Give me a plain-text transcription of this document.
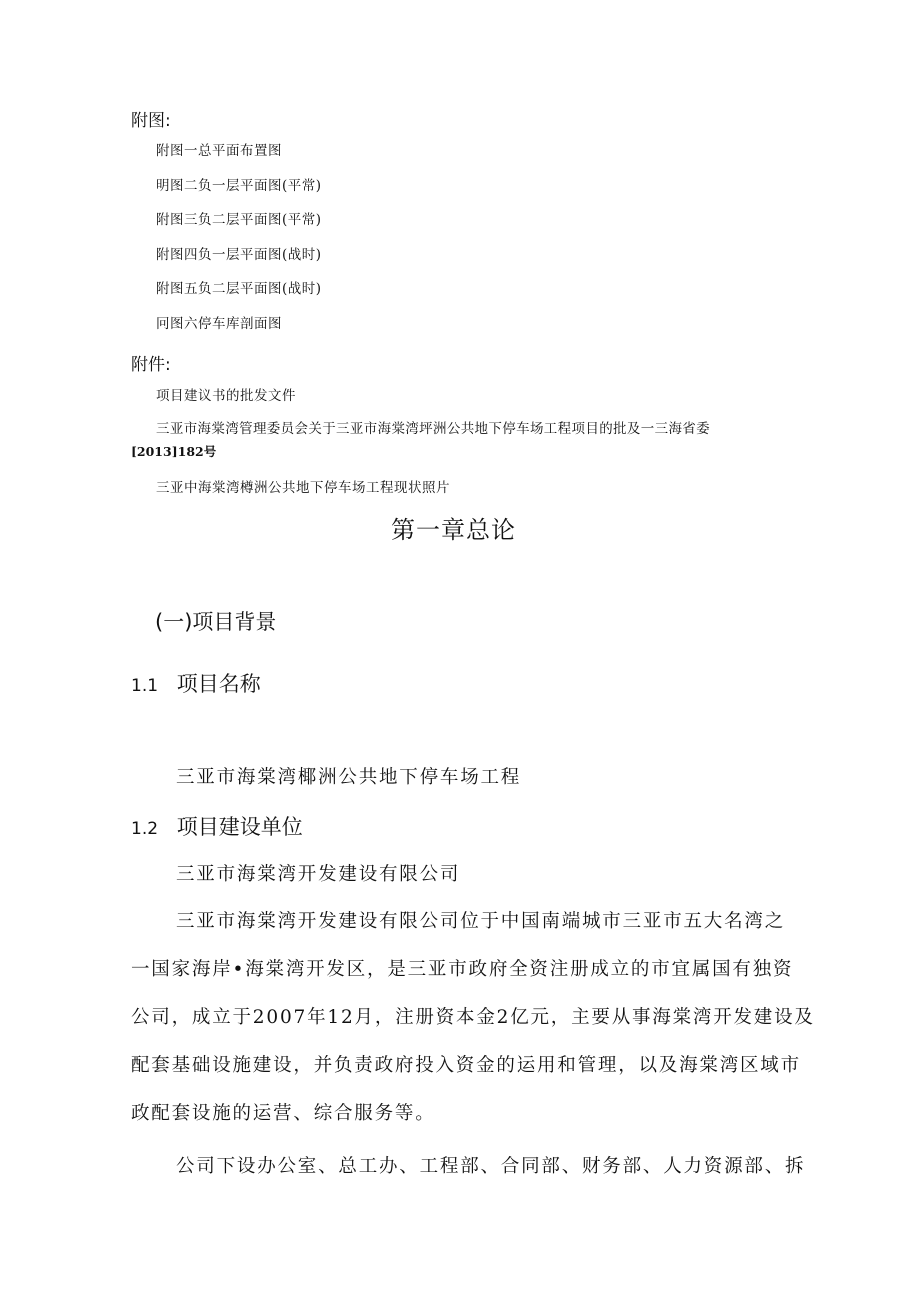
附图:
附图一总平面布置图
明图二负一层平面图(平常)
附图三负二层平面图(平常)
附图四负一层平面图(战时)
附图五负二层平面图(战时)
冋图六停车库剖面图
附件:
项目建议书的批发文件
三亚市海棠湾管理委员会关于三亚市海棠湾坪洲公共地下停车场工程项目的批及一三海省委
[2013]182号
三亚中海棠湾樽洲公共地下停车场工程现状照片
第一章总论
(一)项目背景
1.1 项目名称
三亚市海棠湾椰洲公共地下停车场工程
1.2 项目建设单位
三亚市海棠湾开发建设有限公司
三亚市海棠湾开发建设有限公司位于中国南端城市三亚市五大名湾之
一国家海岸•海棠湾开发区，是三亚市政府全资注册成立的市宜属国有独资
公司，成立于2007年12月，注册资本金2亿元，主要从事海棠湾开发建设及
配套基础设施建设，并负责政府投入资金的运用和管理，以及海棠湾区域市
政配套设施的运营、综合服务等。
公司下设办公室、总工办、工程部、合同部、财务部、人力资源部、拆
